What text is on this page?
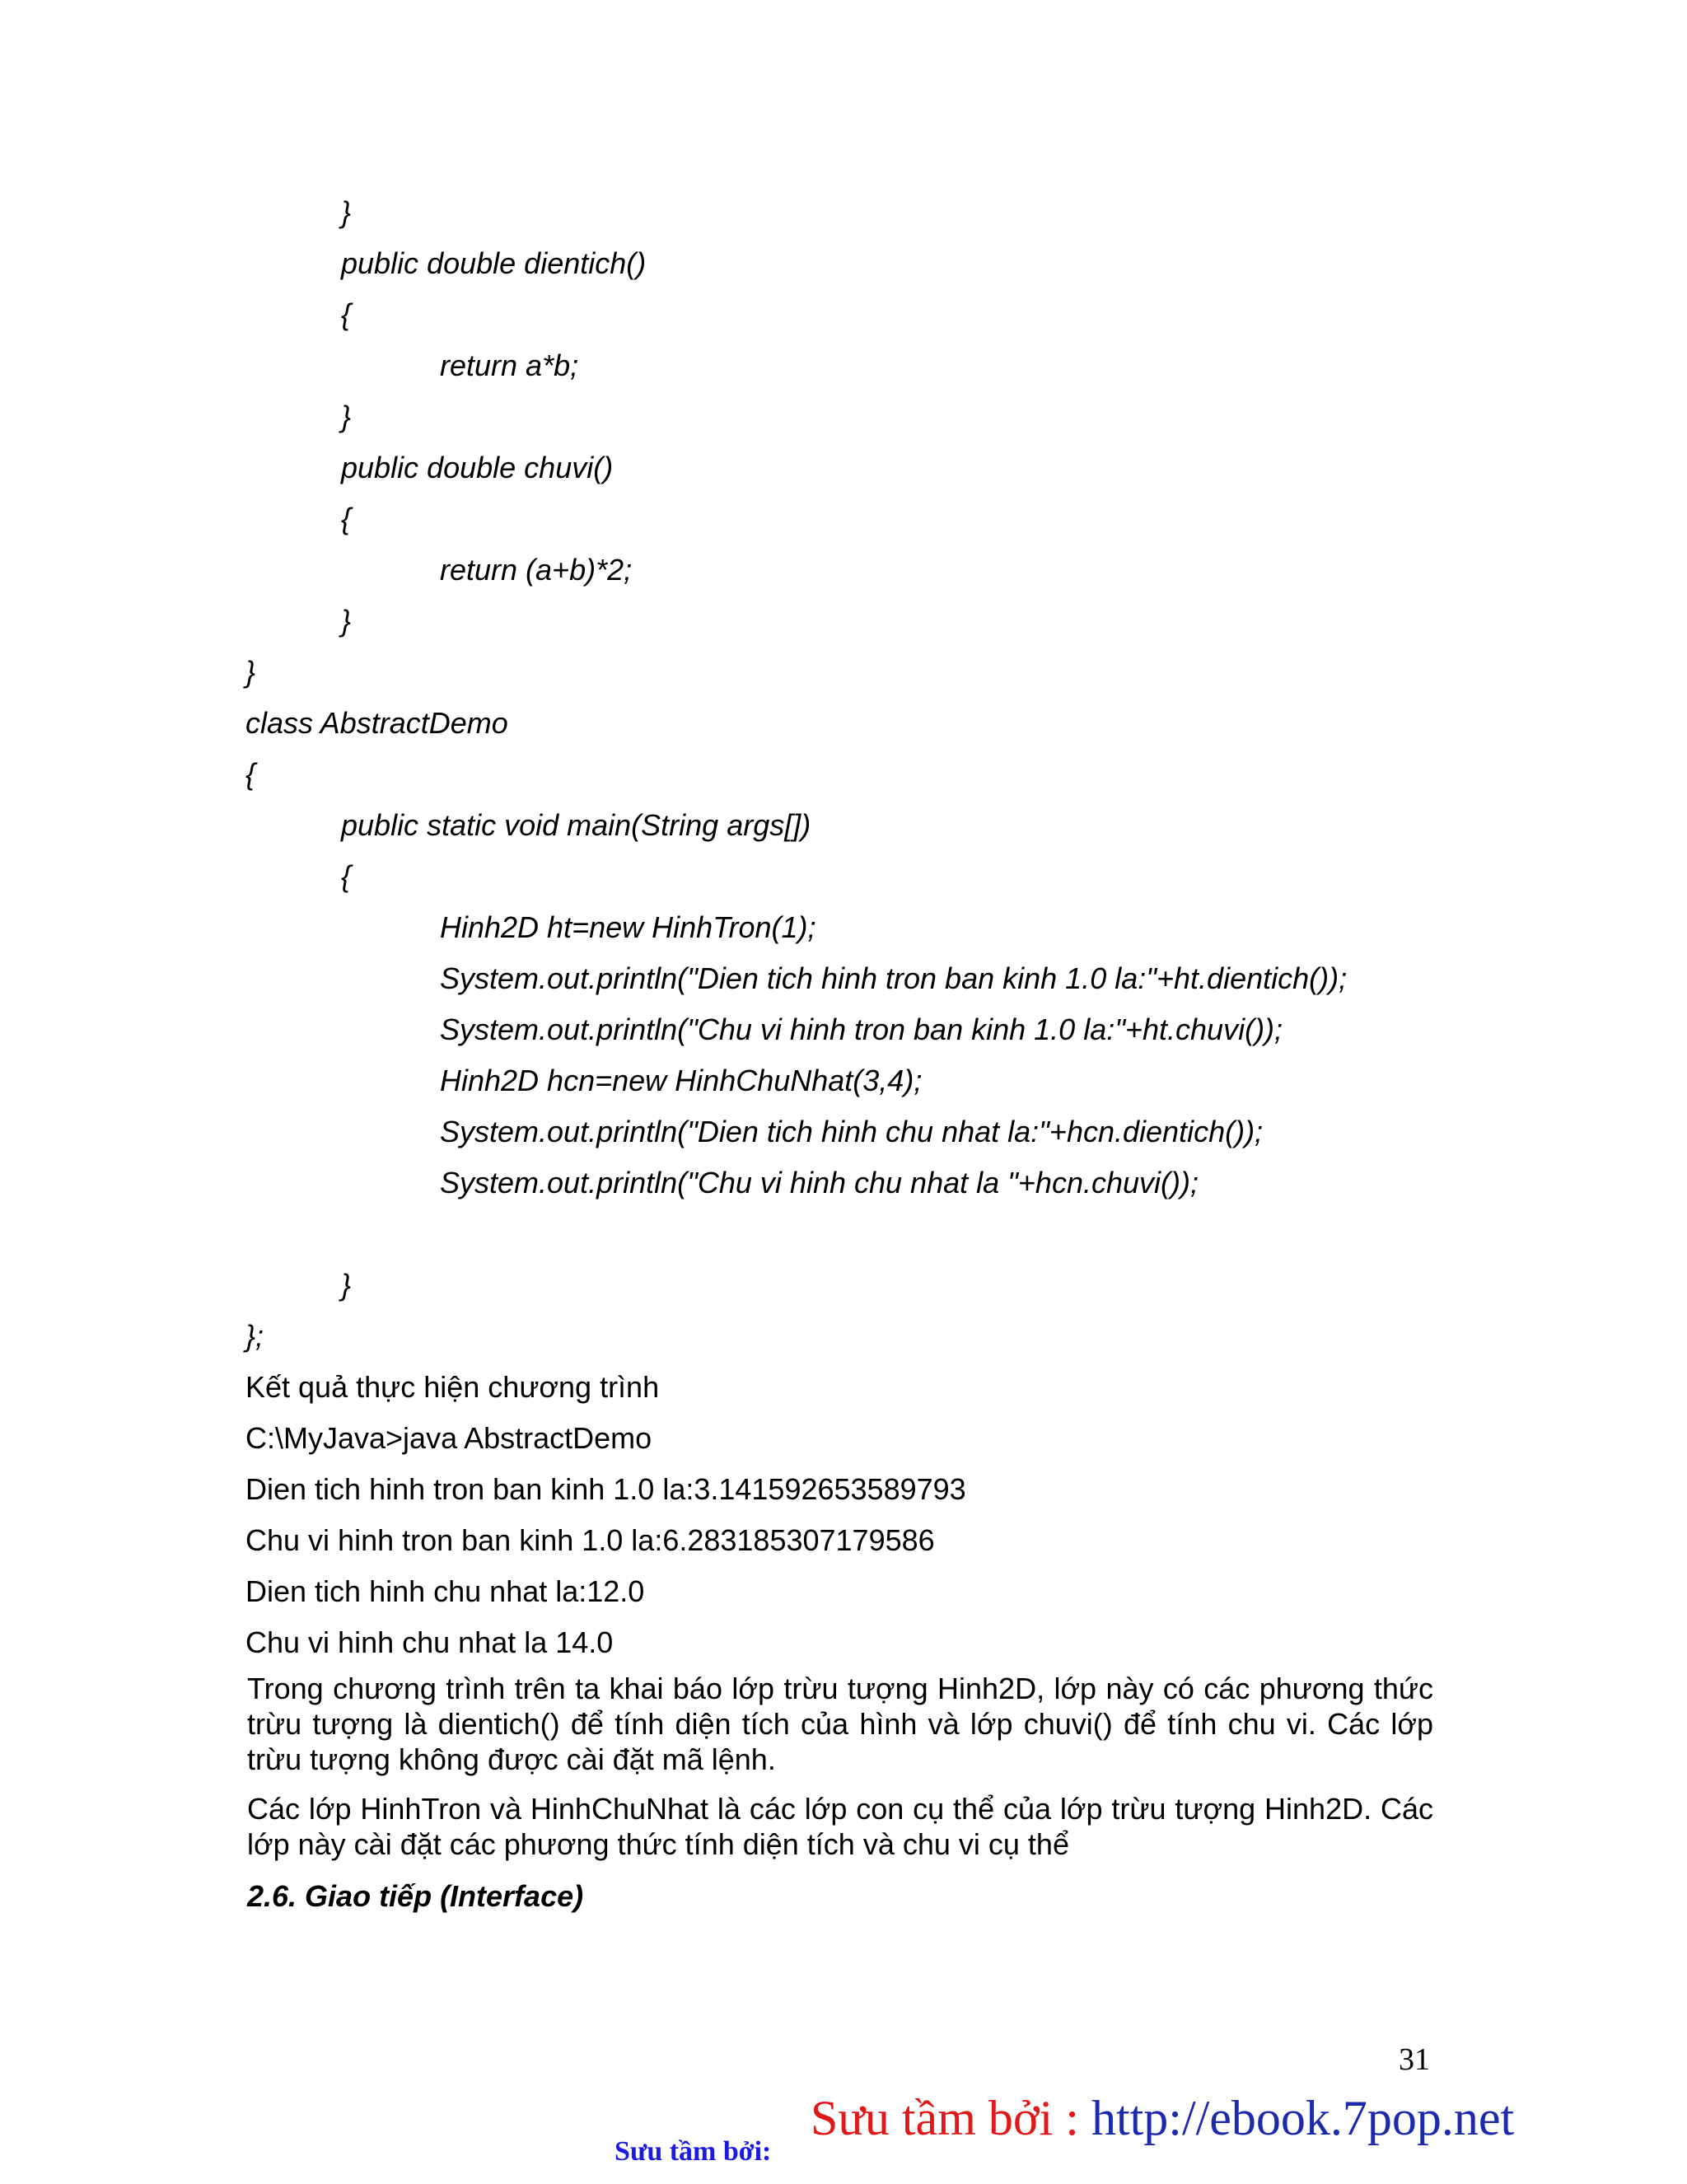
}
public double dientich()
{
return a*b;
}
public double chuvi()
{
return (a+b)*2;
}
}
class AbstractDemo
{
public static void main(String args[])
{
Hinh2D ht=new HinhTron(1);
System.out.println("Dien tich hinh tron ban kinh 1.0 la:"+ht.dientich());
System.out.println("Chu vi hinh tron ban kinh 1.0 la:"+ht.chuvi());
Hinh2D hcn=new HinhChuNhat(3,4);
System.out.println("Dien tich hinh chu nhat la:"+hcn.dientich());
System.out.println("Chu vi hinh chu nhat la "+hcn.chuvi());
}
};
Kết quả thực hiện chương trình
C:\MyJava>java AbstractDemo
Dien tich hinh tron ban kinh 1.0 la:3.141592653589793
Chu vi hinh tron ban kinh 1.0 la:6.283185307179586
Dien tich hinh chu nhat la:12.0
Chu vi hinh chu nhat la 14.0
Trong chương trình trên ta khai báo lớp trừu tượng Hinh2D, lớp này có các phương thức trừu tượng là dientich() để tính diện tích của hình và lớp chuvi() để tính chu vi. Các lớp trừu tượng không được cài đặt mã lệnh.
Các lớp HinhTron và HinhChuNhat là các lớp con cụ thể của lớp trừu tượng Hinh2D. Các lớp này cài đặt các phương thức tính diện tích và chu vi cụ thể
2.6. Giao tiếp (Interface)
31
Sưu tầm bởi:
Sưu tầm bởi : http://ebook.7pop.net
